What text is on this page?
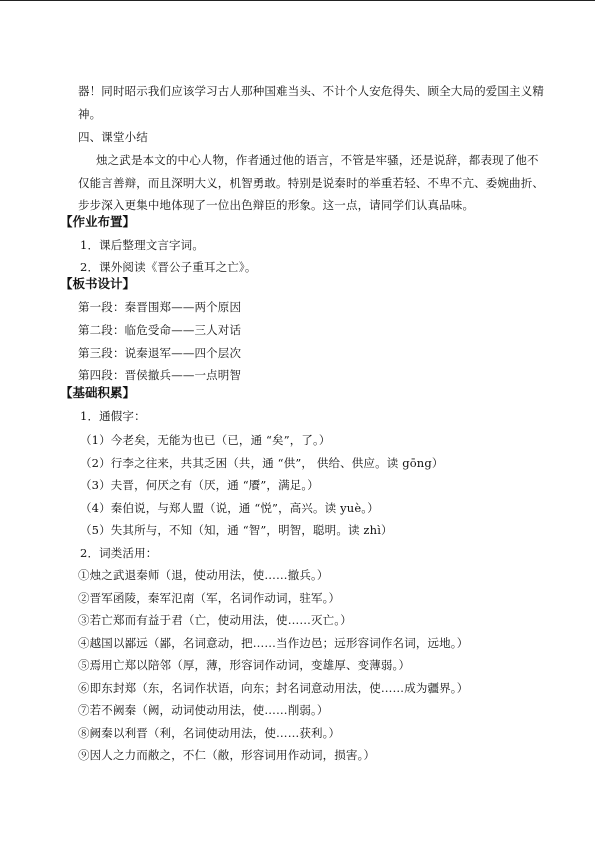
器！同时昭示我们应该学习古人那种国难当头、不计个人安危得失、顾全大局的爱国主义精
神。
四、课堂小结
烛之武是本文的中心人物，作者通过他的语言，不管是牢骚，还是说辞，都表现了他不
仅能言善辩，而且深明大义，机智勇敢。特别是说秦时的举重若轻、不卑不亢、委婉曲折、
步步深入更集中地体现了一位出色辩臣的形象。这一点，请同学们认真品味。
【作业布置】
1．课后整理文言字词。
2．课外阅读《晋公子重耳之亡》。
【板书设计】
第一段：秦晋围郑——两个原因
第二段：临危受命——三人对话
第三段：说秦退军——四个层次
第四段：晋侯撤兵——一点明智
【基础积累】
1．通假字：
（1）今老矣，无能为也已（已，通 “矣”，了。）
（2）行李之往来，共其乏困（共，通 “供”， 供给、供应。读 gōng）
（3）夫晋，何厌之有（厌，通 “餍”，满足。）
（4）秦伯说，与郑人盟（说，通 “悦”，高兴。读 yuè。）
（5）失其所与，不知（知，通 “智”，明智，聪明。读 zhì）
2．词类活用：
①烛之武退秦师（退，使动用法，使……撤兵。）
②晋军函陵，秦军氾南（军，名词作动词，驻军。）
③若亡郑而有益于君（亡，使动用法，使……灭亡。）
④越国以鄙远（鄙，名词意动，把……当作边邑；远形容词作名词，远地。）
⑤焉用亡郑以陪邻（厚，薄，形容词作动词，变雄厚、变薄弱。）
⑥即东封郑（东，名词作状语，向东；封名词意动用法，使……成为疆界。）
⑦若不阙秦（阙，动词使动用法，使……削弱。）
⑧阙秦以利晋（利，名词使动用法，使……获利。）
⑨因人之力而敝之，不仁（敝，形容词用作动词，损害。）
